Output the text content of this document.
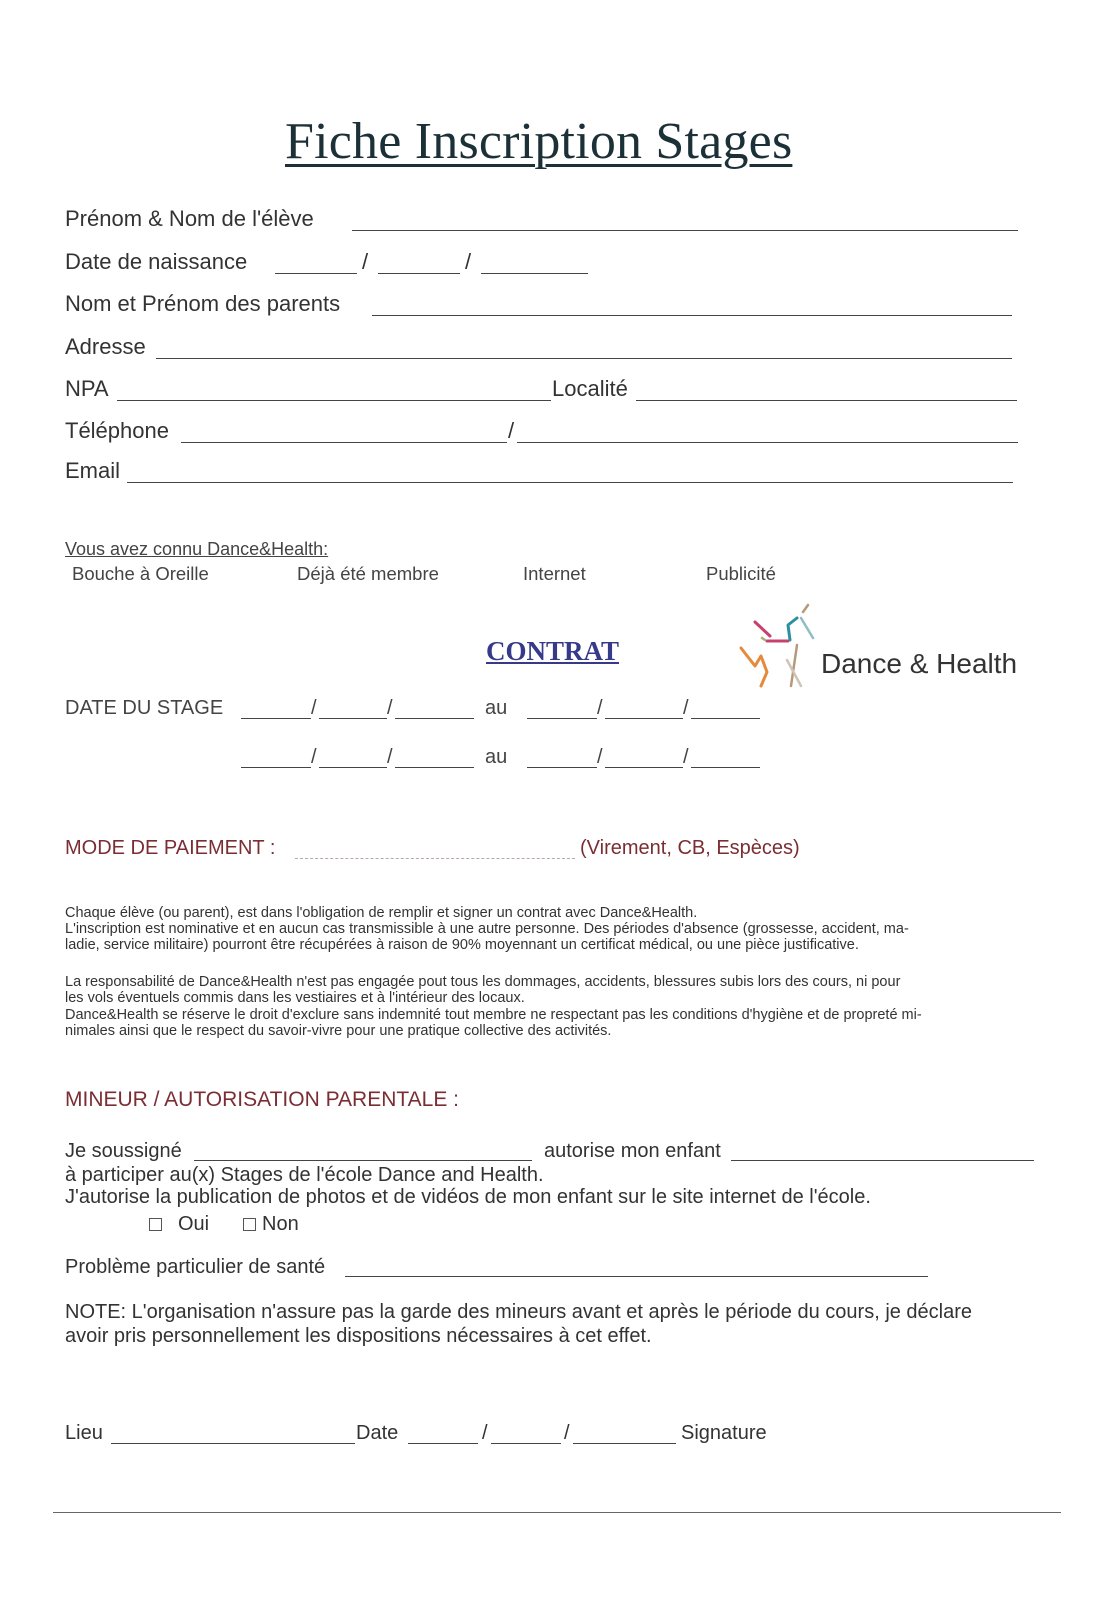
Fiche Inscription Stages
Prénom & Nom de l'élève
Date de naissance	/	/
Nom et Prénom des parents
Adresse
NPA	Localité
Téléphone	/
Email
Vous avez connu Dance&Health:
Bouche à Oreille	Déjà été membre	Internet	Publicité
CONTRAT	Dance & Health
DATE DU STAGE	/	/	au	/	/
/	/	au	/	/
MODE DE PAIEMENT :	(Virement, CB, Espèces)
Chaque élève (ou parent), est dans l'obligation de remplir et signer un contrat avec Dance&Health.
L'inscription est nominative et en aucun cas transmissible à une autre personne. Des périodes d'absence (grossesse, accident, ma-
ladie, service militaire) pourront être récupérées à raison de 90% moyennant un certificat médical, ou une pièce justificative.
La responsabilité de Dance&Health n'est pas engagée pout tous les dommages, accidents, blessures subis lors des cours, ni pour
les vols éventuels commis dans les vestiaires et à l'intérieur des locaux.
Dance&Health se réserve le droit d'exclure sans indemnité tout membre ne respectant pas les conditions d'hygiène et de propreté mi-
nimales ainsi que le respect du savoir-vivre pour une pratique collective des activités.
MINEUR / AUTORISATION PARENTALE :
Je soussigné	autorise mon enfant
à participer au(x) Stages de l'école Dance and Health.
J'autorise la publication de photos et de vidéos de mon enfant sur le site internet de l'école.
Oui	Non
Problème particulier de santé
NOTE: L'organisation n'assure pas la garde des mineurs avant et après le période du cours, je déclare
avoir pris personnellement les dispositions nécessaires à cet effet.
Lieu	Date	/	/	Signature
